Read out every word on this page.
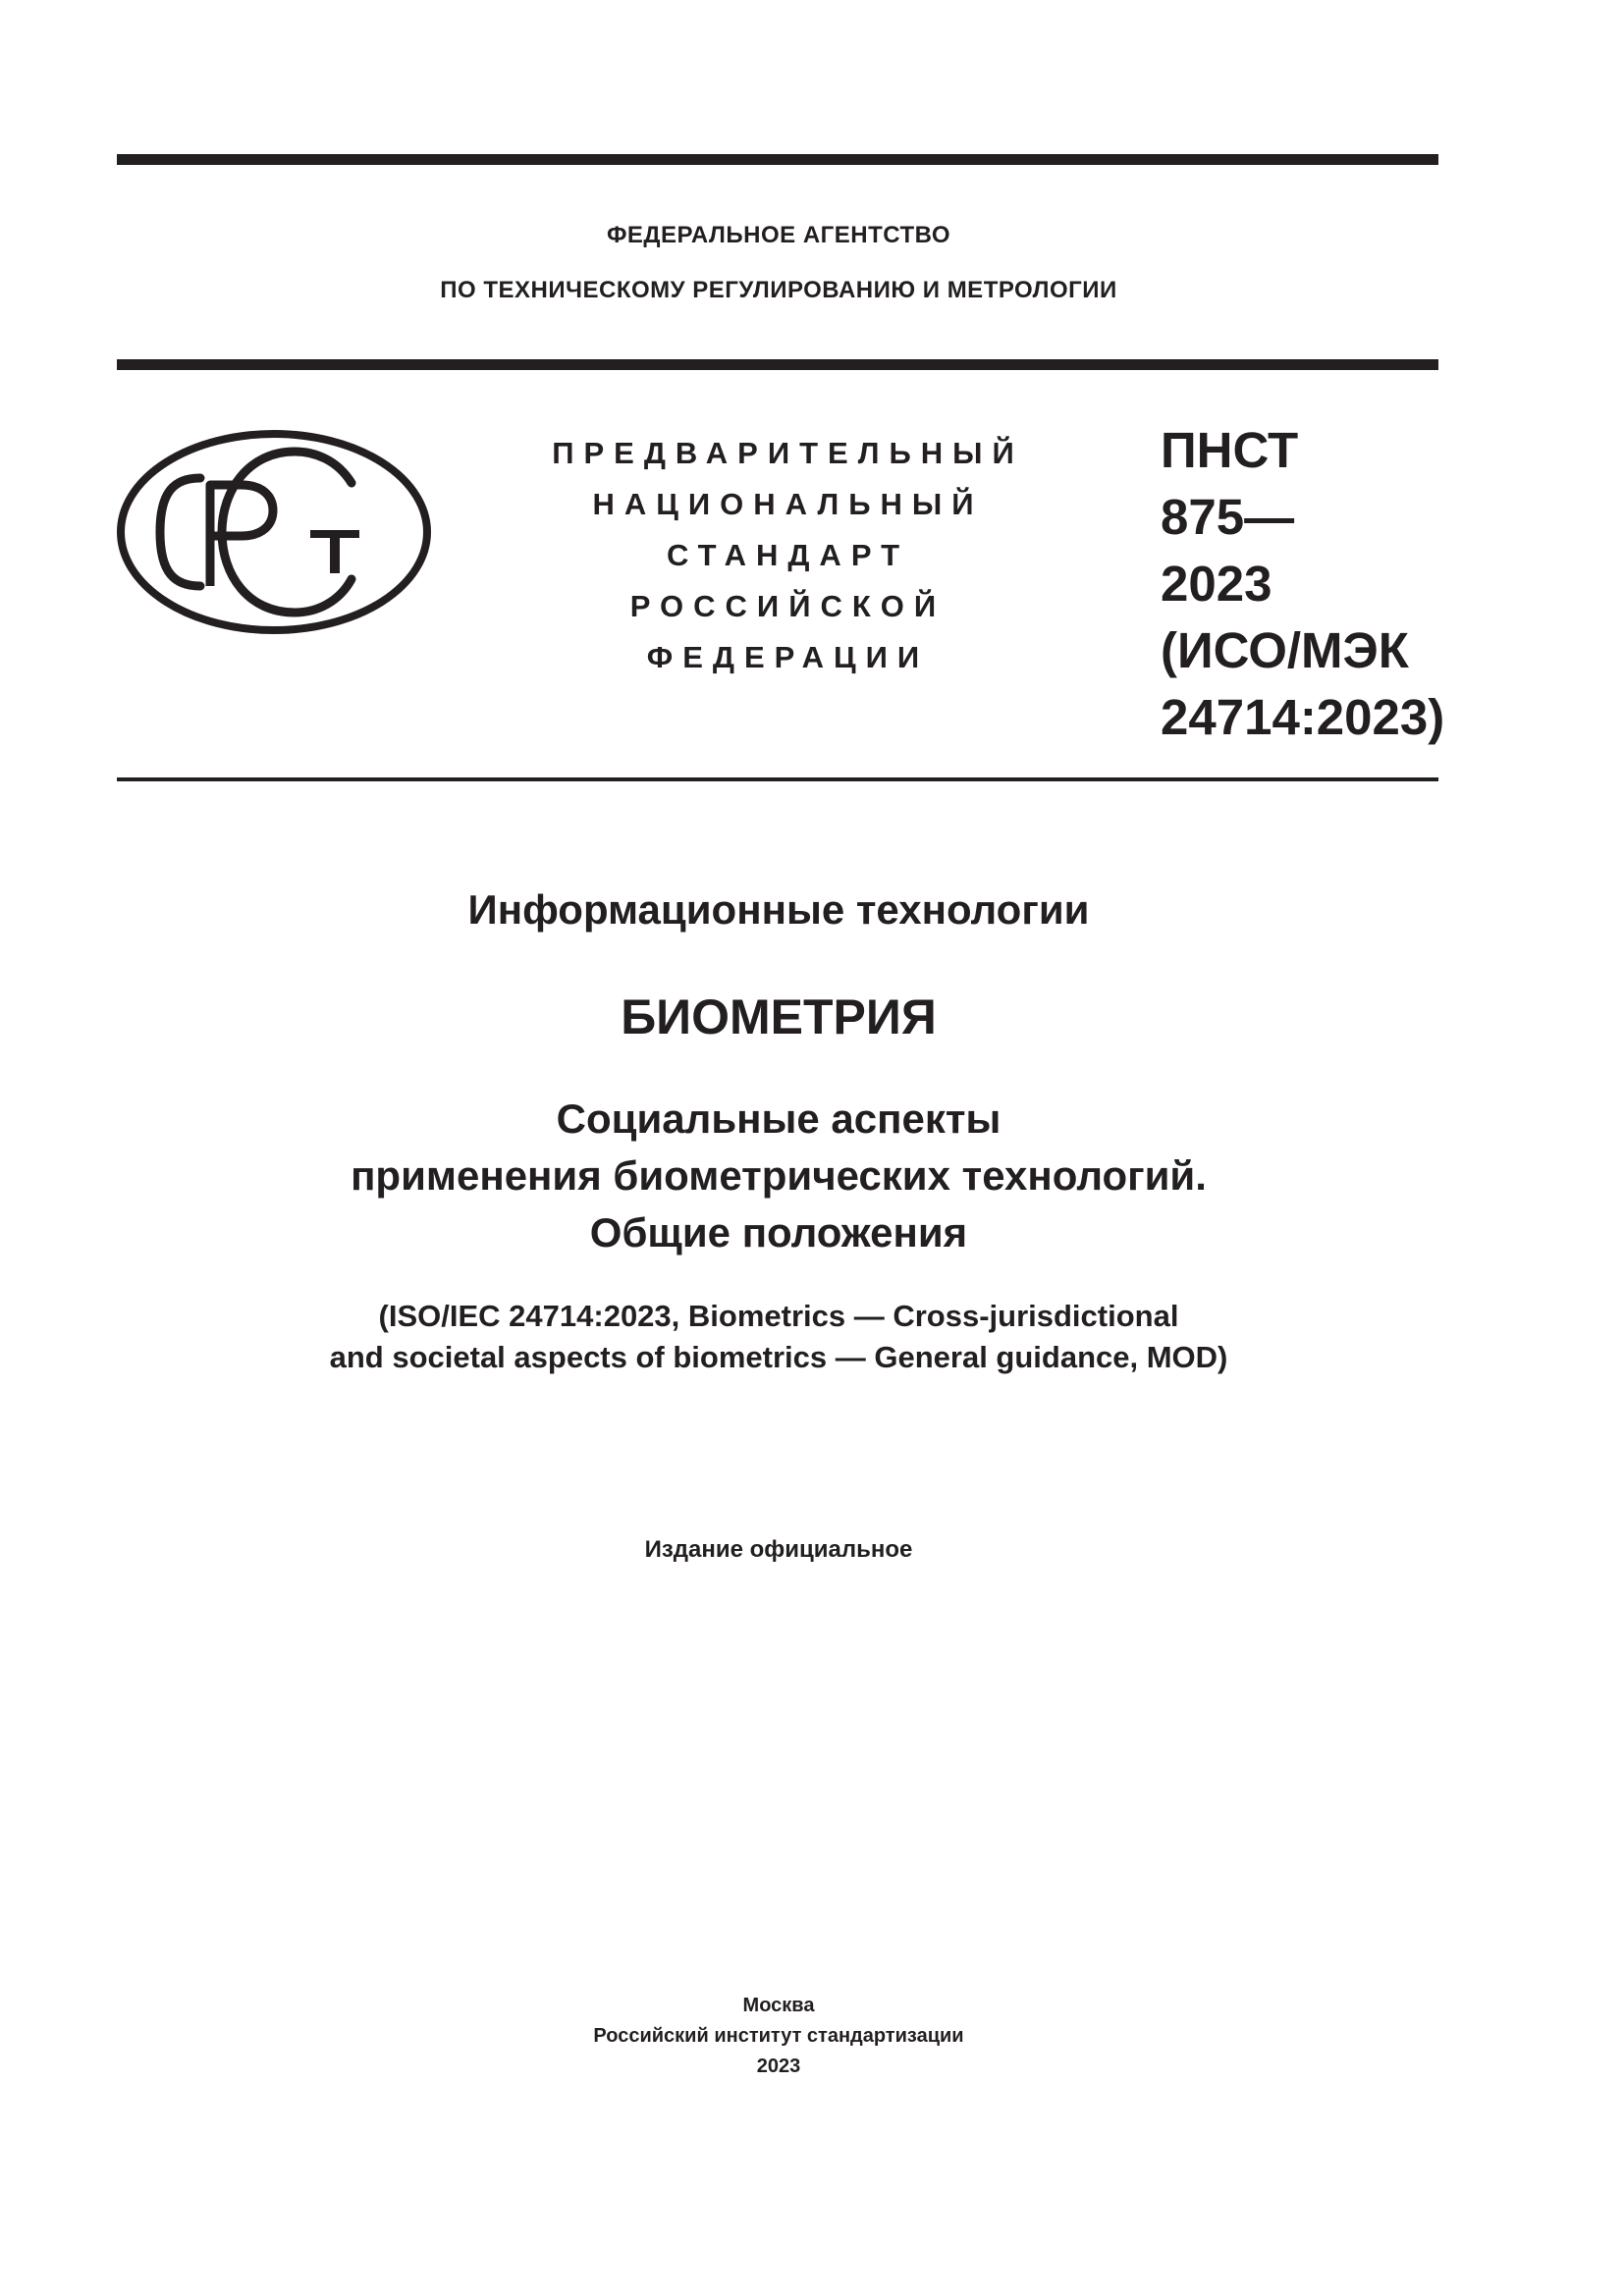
ФЕДЕРАЛЬНОЕ АГЕНТСТВО
ПО ТЕХНИЧЕСКОМУ РЕГУЛИРОВАНИЮ И МЕТРОЛОГИИ
ПРЕДВАРИТЕЛЬНЫЙ
НАЦИОНАЛЬНЫЙ
СТАНДАРТ
РОССИЙСКОЙ
ФЕДЕРАЦИИ
ПНСТ
875—
2023
(ИСО/МЭК
24714:2023)
Информационные технологии
БИОМЕТРИЯ
Социальные аспекты
применения биометрических технологий.
Общие положения
(ISO/IEC 24714:2023, Biometrics — Cross-jurisdictional
and societal aspects of biometrics — General guidance, MOD)
Издание официальное
Москва
Российский институт стандартизации
2023
